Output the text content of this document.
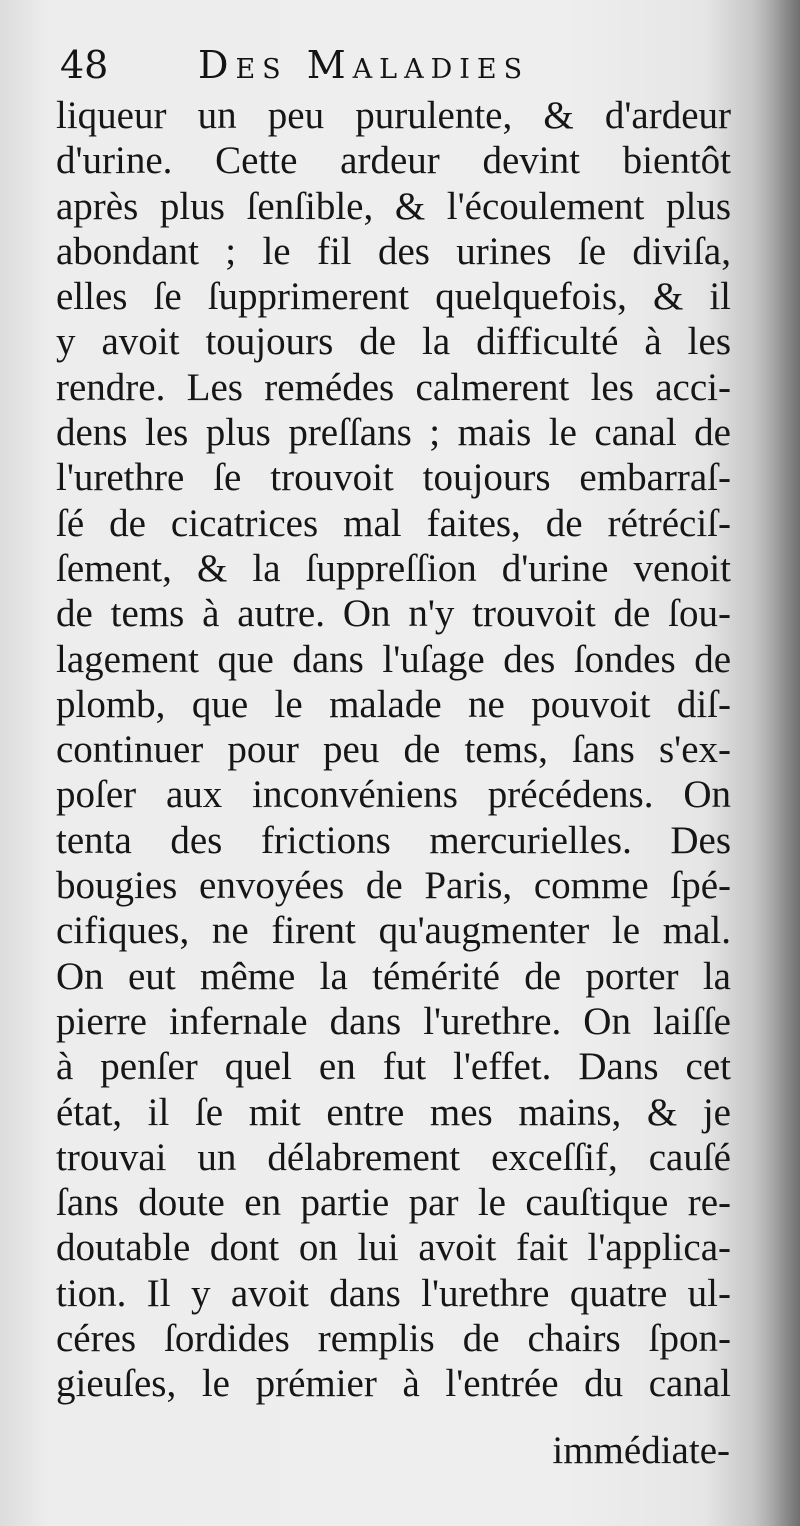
48 Des Maladies
liqueur un peu purulente, & d'ardeur
d'urine. Cette ardeur devint bientôt
après plus ſenſible, & l'écoulement plus
abondant ; le fil des urines ſe diviſa,
elles ſe ſupprimerent quelquefois, & il
y avoit toujours de la difficulté à les
rendre. Les remédes calmerent les acci-
dens les plus preſſans ; mais le canal de
l'urethre ſe trouvoit toujours embarraſ-
ſé de cicatrices mal faites, de rétréciſ-
ſement, & la ſuppreſſion d'urine venoit
de tems à autre. On n'y trouvoit de ſou-
lagement que dans l'uſage des ſondes de
plomb, que le malade ne pouvoit diſ-
continuer pour peu de tems, ſans s'ex-
poſer aux inconvéniens précédens. On
tenta des frictions mercurielles. Des
bougies envoyées de Paris, comme ſpé-
cifiques, ne firent qu'augmenter le mal.
On eut même la témérité de porter la
pierre infernale dans l'urethre. On laiſſe
à penſer quel en fut l'effet. Dans cet
état, il ſe mit entre mes mains, & je
trouvai un délabrement exceſſif, cauſé
ſans doute en partie par le cauſtique re-
doutable dont on lui avoit fait l'applica-
tion. Il y avoit dans l'urethre quatre ul-
céres ſordides remplis de chairs ſpon-
gieuſes, le prémier à l'entrée du canal
immédiate-
